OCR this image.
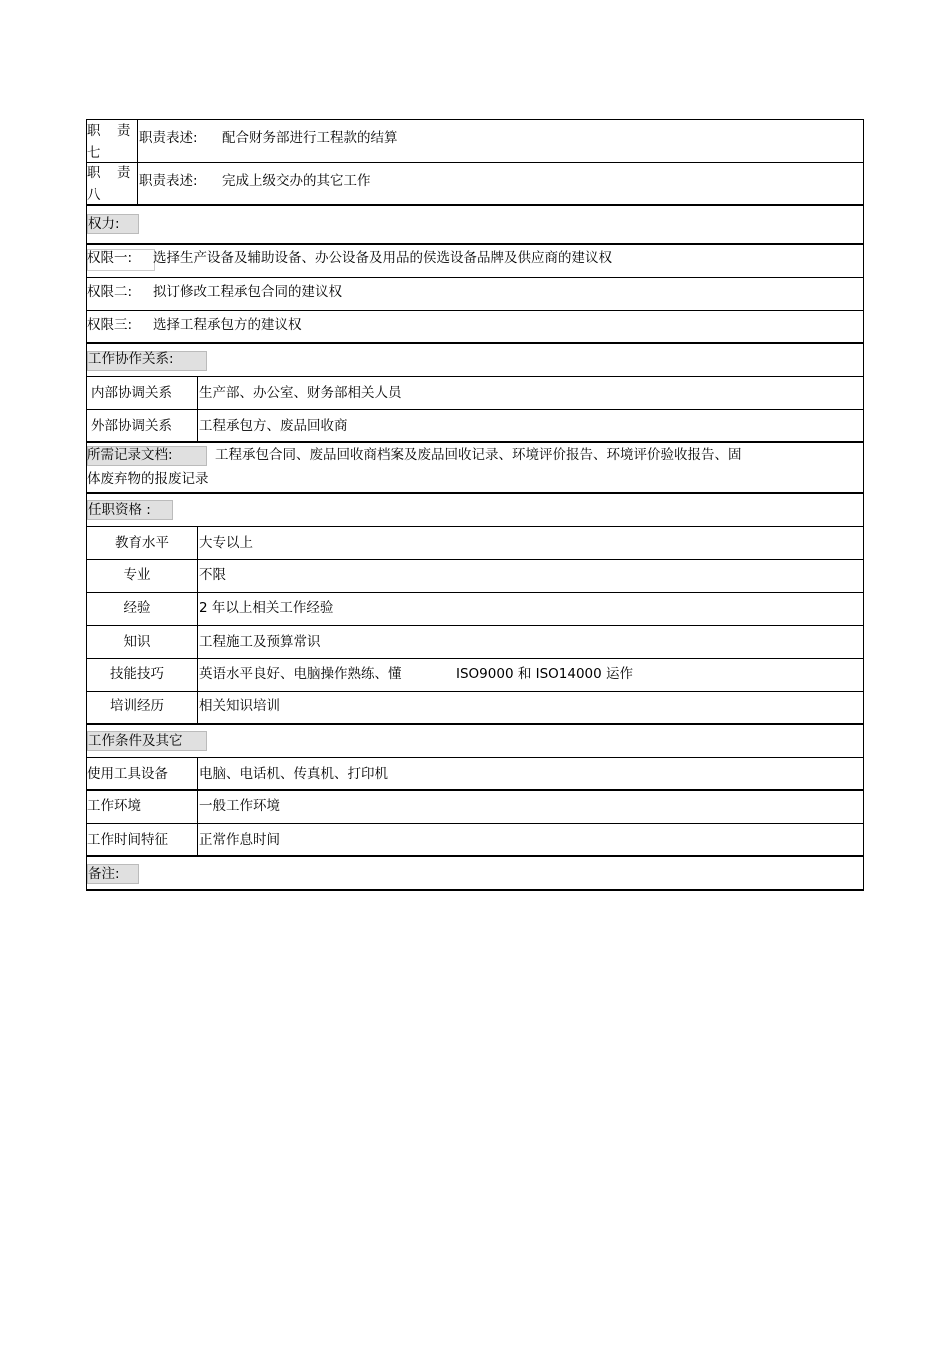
职 责
七
职责表述: 配合财务部进行工程款的结算
职 责
八
职责表述: 完成上级交办的其它工作
权力:
权限一: 选择生产设备及辅助设备、办公设备及用品的侯选设备品牌及供应商的建议权
权限二: 拟订修改工程承包合同的建议权
权限三: 选择工程承包方的建议权
工作协作关系:
内部协调关系 生产部、办公室、财务部相关人员
外部协调关系 工程承包方、废品回收商
所需记录文档:	工程承包合同、废品回收商档案及废品回收记录、环境评价报告、环境评价验收报告、固
体废弃物的报废记录
任职资格 :
教育水平	大专以上
专业	不限
经验	2 年以上相关工作经验
知识	工程施工及预算常识
技能技巧	英语水平良好、电脑操作熟练、懂	ISO9000 和 ISO14000 运作
培训经历	相关知识培训
工作条件及其它
使用工具设备 电脑、电话机、传真机、打印机
工作环境	一般工作环境
工作时间特征 正常作息时间
备注:
